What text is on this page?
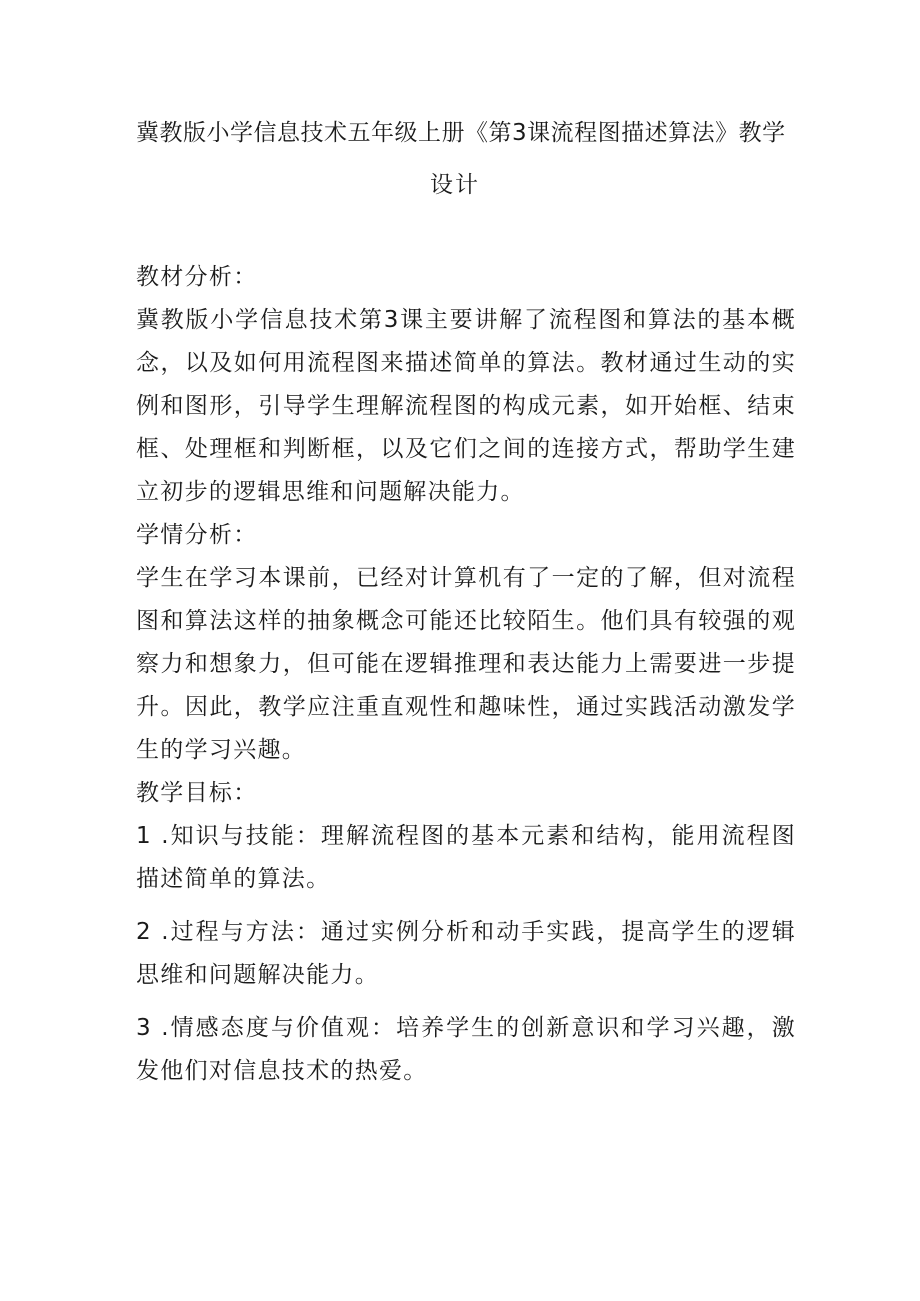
冀教版小学信息技术五年级上册《第3课流程图描述算法》教学
设计

教材分析：

冀教版小学信息技术第3课主要讲解了流程图和算法的基本概念，以及如何用流程图来描述简单的算法。教材通过生动的实例和图形，引导学生理解流程图的构成元素，如开始框、结束框、处理框和判断框，以及它们之间的连接方式，帮助学生建立初步的逻辑思维和问题解决能力。

学情分析：

学生在学习本课前，已经对计算机有了一定的了解，但对流程图和算法这样的抽象概念可能还比较陌生。他们具有较强的观察力和想象力，但可能在逻辑推理和表达能力上需要进一步提升。因此，教学应注重直观性和趣味性，通过实践活动激发学生的学习兴趣。

教学目标：

1 .知识与技能：理解流程图的基本元素和结构，能用流程图描述简单的算法。

2 .过程与方法：通过实例分析和动手实践，提高学生的逻辑思维和问题解决能力。

3 .情感态度与价值观：培养学生的创新意识和学习兴趣，激发他们对信息技术的热爱。
